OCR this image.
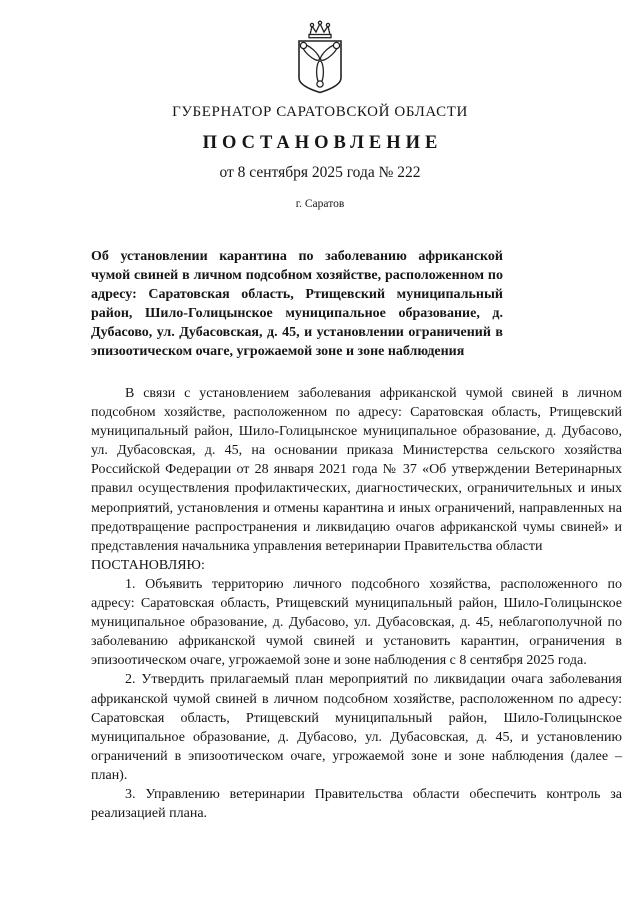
ГУБЕРНАТОР САРАТОВСКОЙ ОБЛАСТИ
ПОСТАНОВЛЕНИЕ
от 8 сентября 2025 года № 222
г. Саратов
Об установлении карантина по заболеванию африканской чумой свиней в личном подсобном хозяйстве, расположенном по адресу: Саратовская область, Ртищевский муниципальный район, Шило-Голицынское муниципальное образование, д. Дубасово, ул. Дубасовская, д. 45, и установлении ограничений в эпизоотическом очаге, угрожаемой зоне и зоне наблюдения

В связи с установлением заболевания африканской чумой свиней в личном подсобном хозяйстве, расположенном по адресу: Саратовская область, Ртищевский муниципальный район, Шило-Голицынское муниципальное образование, д. Дубасово, ул. Дубасовская, д. 45, на основании приказа Министерства сельского хозяйства Российской Федерации от 28 января 2021 года № 37 «Об утверждении Ветеринарных правил осуществления профилактических, диагностических, ограничительных и иных мероприятий, установления и отмены карантина и иных ограничений, направленных на предотвращение распространения и ликвидацию очагов африканской чумы свиней» и представления начальника управления ветеринарии Правительства области

ПОСТАНОВЛЯЮ:

1. Объявить территорию личного подсобного хозяйства, расположенного по адресу: Саратовская область, Ртищевский муниципальный район, Шило-Голицынское муниципальное образование, д. Дубасово, ул. Дубасовская, д. 45, неблагополучной по заболеванию африканской чумой свиней и установить карантин, ограничения в эпизоотическом очаге, угрожаемой зоне и зоне наблюдения с 8 сентября 2025 года.

2. Утвердить прилагаемый план мероприятий по ликвидации очага заболевания африканской чумой свиней в личном подсобном хозяйстве, расположенном по адресу: Саратовская область, Ртищевский муниципальный район, Шило-Голицынское муниципальное образование, д. Дубасово, ул. Дубасовская, д. 45, и установлению ограничений в эпизоотическом очаге, угрожаемой зоне и зоне наблюдения (далее – план).

3. Управлению ветеринарии Правительства области обеспечить контроль за реализацией плана.
